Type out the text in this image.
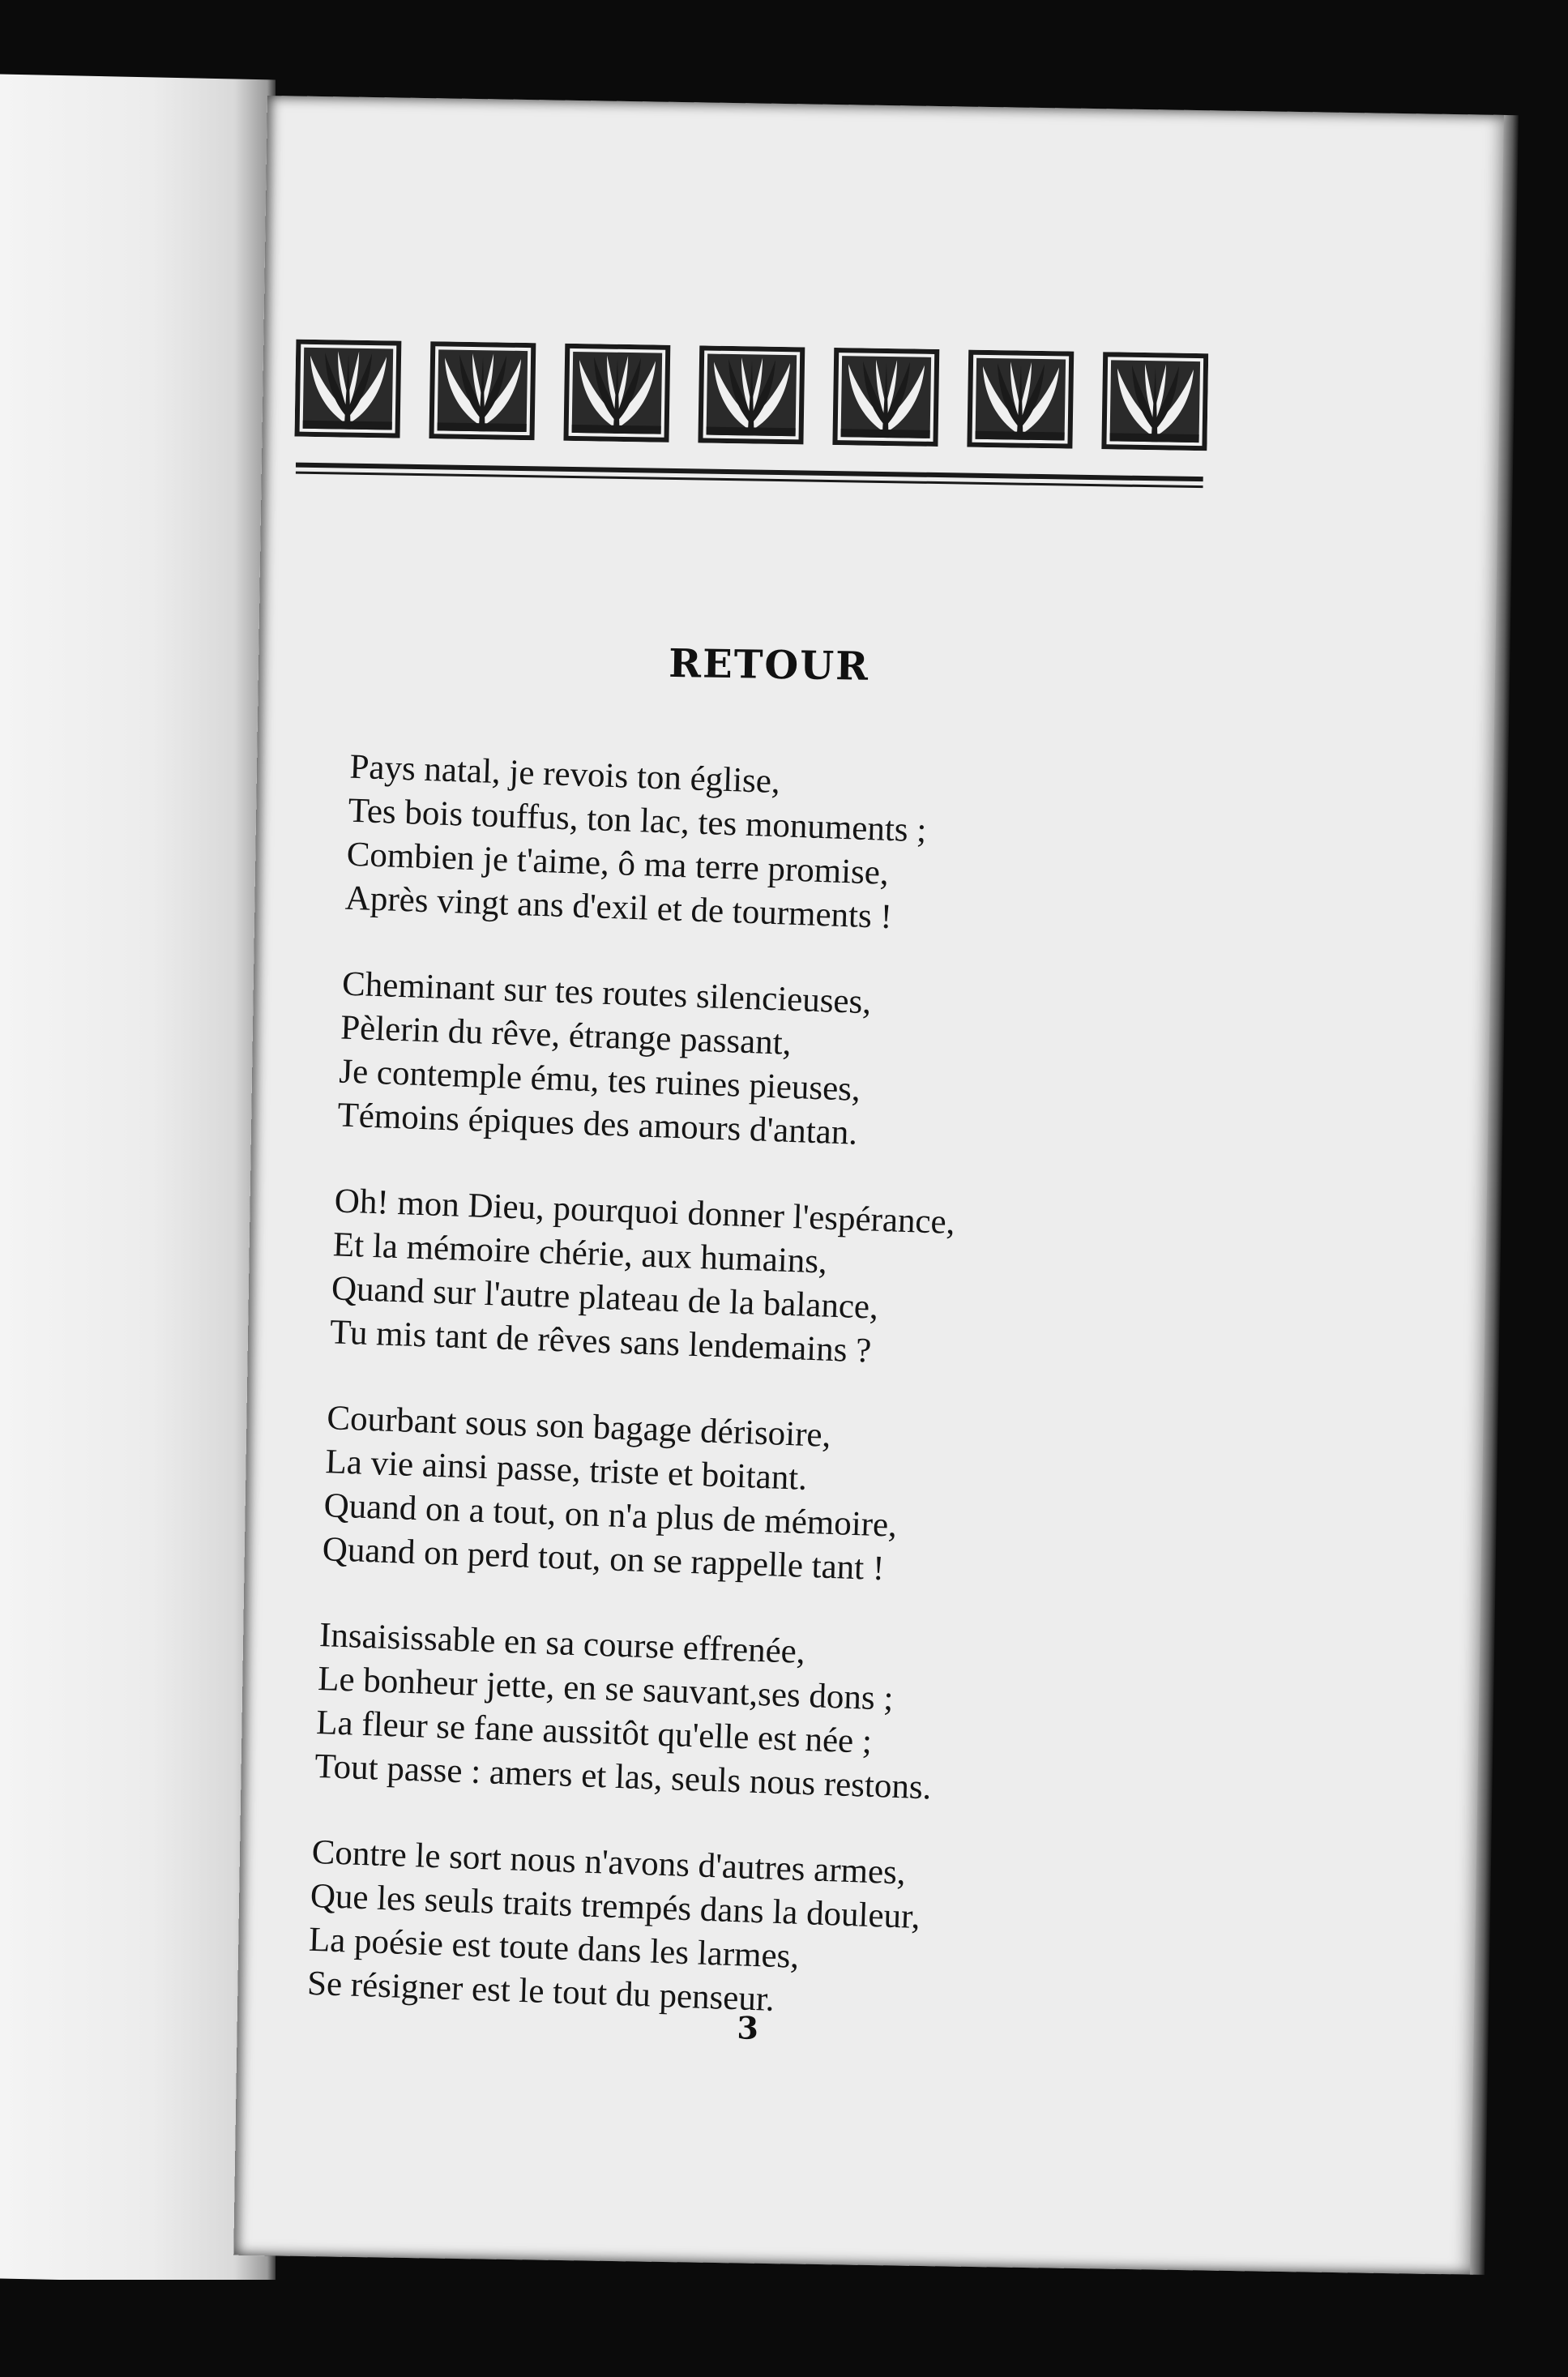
RETOUR
Pays natal, je revois ton église,
Tes bois touffus, ton lac, tes monuments ;
Combien je t'aime, ô ma terre promise,
Après vingt ans d'exil et de tourments !
Cheminant sur tes routes silencieuses,
Pèlerin du rêve, étrange passant,
Je contemple ému, tes ruines pieuses,
Témoins épiques des amours d'antan.
Oh! mon Dieu, pourquoi donner l'espérance,
Et la mémoire chérie, aux humains,
Quand sur l'autre plateau de la balance,
Tu mis tant de rêves sans lendemains ?
Courbant sous son bagage dérisoire,
La vie ainsi passe, triste et boitant.
Quand on a tout, on n'a plus de mémoire,
Quand on perd tout, on se rappelle tant !
Insaisissable en sa course effrenée,
Le bonheur jette, en se sauvant,ses dons ;
La fleur se fane aussitôt qu'elle est née ;
Tout passe : amers et las, seuls nous restons.
Contre le sort nous n'avons d'autres armes,
Que les seuls traits trempés dans la douleur,
La poésie est toute dans les larmes,
Se résigner est le tout du penseur.
3
